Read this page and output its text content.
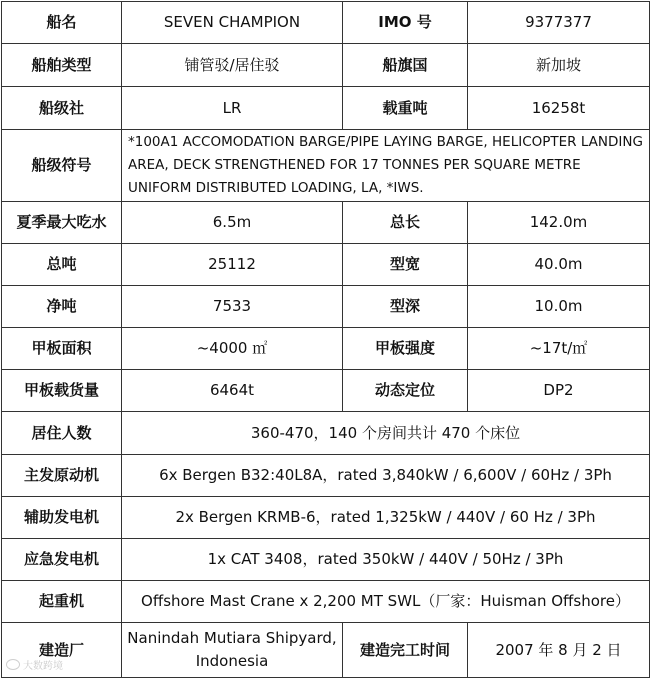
船名	SEVEN CHAMPION	IMO 号	9377377
船舶类型	铺管驳/居住驳	船旗国	新加坡
船级社	LR	载重吨	16258t
船级符号	*100A1 ACCOMODATION BARGE/PIPE LAYING BARGE, HELICOPTER LANDING AREA, DECK STRENGTHENED FOR 17 TONNES PER SQUARE METRE UNIFORM DISTRIBUTED LOADING, LA, *IWS.		
夏季最大吃水	6.5m	总长	142.0m
总吨	25112	型宽	40.0m
净吨	7533	型深	10.0m
甲板面积	~4000 ㎡	甲板强度	~17t/㎡
甲板载货量	6464t	动态定位	DP2
居住人数	360-470，140 个房间共计 470 个床位		
主发原动机	6x Bergen B32:40L8A，rated 3,840kW / 6,600V / 60Hz / 3Ph		
辅助发电机	2x Bergen KRMB-6，rated 1,325kW / 440V / 60 Hz / 3Ph		
应急发电机	1x CAT 3408，rated 350kW / 440V / 50Hz / 3Ph		
起重机	Offshore Mast Crane x 2,200 MT SWL（厂家：Huisman Offshore）		
建造厂	Nanindah Mutiara Shipyard, Indonesia	建造完工时间	2007 年 8 月 2 日
大数跨境
